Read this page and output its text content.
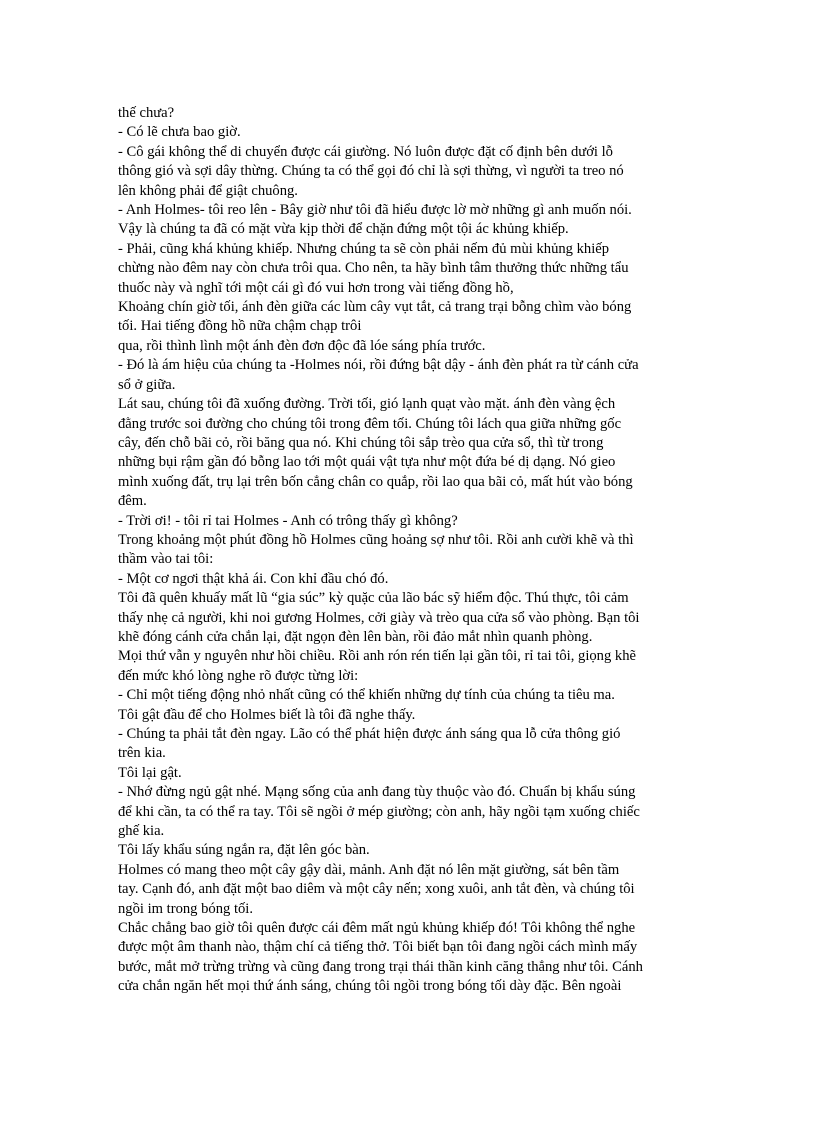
thế chưa?
- Có lẽ chưa bao giờ.
- Cô gái không thể di chuyển được cái giường. Nó luôn được đặt cố định bên dưới lỗ
thông gió và sợi dây thừng. Chúng ta có thể gọi đó chỉ là sợi thừng, vì người ta treo nó
lên không phải để giật chuông.
- Anh Holmes- tôi reo lên - Bây giờ như tôi đã hiểu được lờ mờ những gì anh muốn nói.
Vậy là chúng ta đã có mặt vừa kịp thời để chặn đứng một tội ác khủng khiếp.
- Phải, cũng khá khủng khiếp. Nhưng chúng ta sẽ còn phải nếm đủ mùi khủng khiếp
chừng nào đêm nay còn chưa trôi qua. Cho nên, ta hãy bình tâm thưởng thức những tẩu
thuốc này và nghĩ tới một cái gì đó vui hơn trong vài tiếng đồng hồ,
Khoảng chín giờ tối, ánh đèn giữa các lùm cây vụt tắt, cả trang trại bỗng chìm vào bóng
tối. Hai tiếng đồng hồ nữa chậm chạp trôi
qua, rồi thình lình một ánh đèn đơn độc đã lóe sáng phía trước.
- Đó là ám hiệu của chúng ta -Holmes nói, rồi đứng bật dậy - ánh đèn phát ra từ cánh cửa
sổ ở giữa.
Lát sau, chúng tôi đã xuống đường. Trời tối, gió lạnh quạt vào mặt. ánh đèn vàng ệch
đằng trước soi đường cho chúng tôi trong đêm tối. Chúng tôi lách qua giữa những gốc
cây, đến chỗ bãi cỏ, rồi băng qua nó. Khi chúng tôi sắp trèo qua cửa sổ, thì từ trong
những bụi rậm gần đó bỗng lao tới một quái vật tựa như một đứa bé dị dạng. Nó gieo
mình xuống đất, trụ lại trên bốn cẳng chân co quắp, rồi lao qua bãi cỏ, mất hút vào bóng
đêm.
- Trời ơi! - tôi rỉ tai Holmes - Anh có trông thấy gì không?
Trong khoảng một phút đồng hồ Holmes cũng hoảng sợ như tôi. Rồi anh cười khẽ và thì
thầm vào tai tôi:
- Một cơ ngơi thật khả ái. Con khỉ đầu chó đó.
Tôi đã quên khuấy mất lũ “gia súc” kỳ quặc của lão bác sỹ hiểm độc. Thú thực, tôi cảm
thấy nhẹ cả người, khi noi gương Holmes, cởi giày và trèo qua cửa sổ vào phòng. Bạn tôi
khẽ đóng cánh cửa chắn lại, đặt ngọn đèn lên bàn, rồi đảo mắt nhìn quanh phòng.
Mọi thứ vẫn y nguyên như hồi chiều. Rồi anh rón rén tiến lại gần tôi, rỉ tai tôi, giọng khẽ
đến mức khó lòng nghe rõ được từng lời:
- Chỉ một tiếng động nhỏ nhất cũng có thể khiến những dự tính của chúng ta tiêu ma.
Tôi gật đầu để cho Holmes biết là tôi đã nghe thấy.
- Chúng ta phải tắt đèn ngay. Lão có thể phát hiện được ánh sáng qua lỗ cửa thông gió
trên kia.
Tôi lại gật.
- Nhớ đừng ngủ gật nhé. Mạng sống của anh đang tùy thuộc vào đó. Chuẩn bị khẩu súng
để khi cần, ta có thể ra tay. Tôi sẽ ngồi ở mép giường; còn anh, hãy ngồi tạm xuống chiếc
ghế kia.
Tôi lấy khẩu súng ngắn ra, đặt lên góc bàn.
Holmes có mang theo một cây gậy dài, mảnh. Anh đặt nó lên mặt giường, sát bên tầm
tay. Cạnh đó, anh đặt một bao diêm và một cây nến; xong xuôi, anh tắt đèn, và chúng tôi
ngồi im trong bóng tối.
Chắc chẳng bao giờ tôi quên được cái đêm mất ngủ khủng khiếp đó! Tôi không thể nghe
được một âm thanh nào, thậm chí cả tiếng thở. Tôi biết bạn tôi đang ngồi cách mình mấy
bước, mắt mở trừng trừng và cũng đang trong trại thái thần kinh căng thẳng như tôi. Cánh
cửa chắn ngăn hết mọi thứ ánh sáng, chúng tôi ngồi trong bóng tối dày đặc. Bên ngoài
